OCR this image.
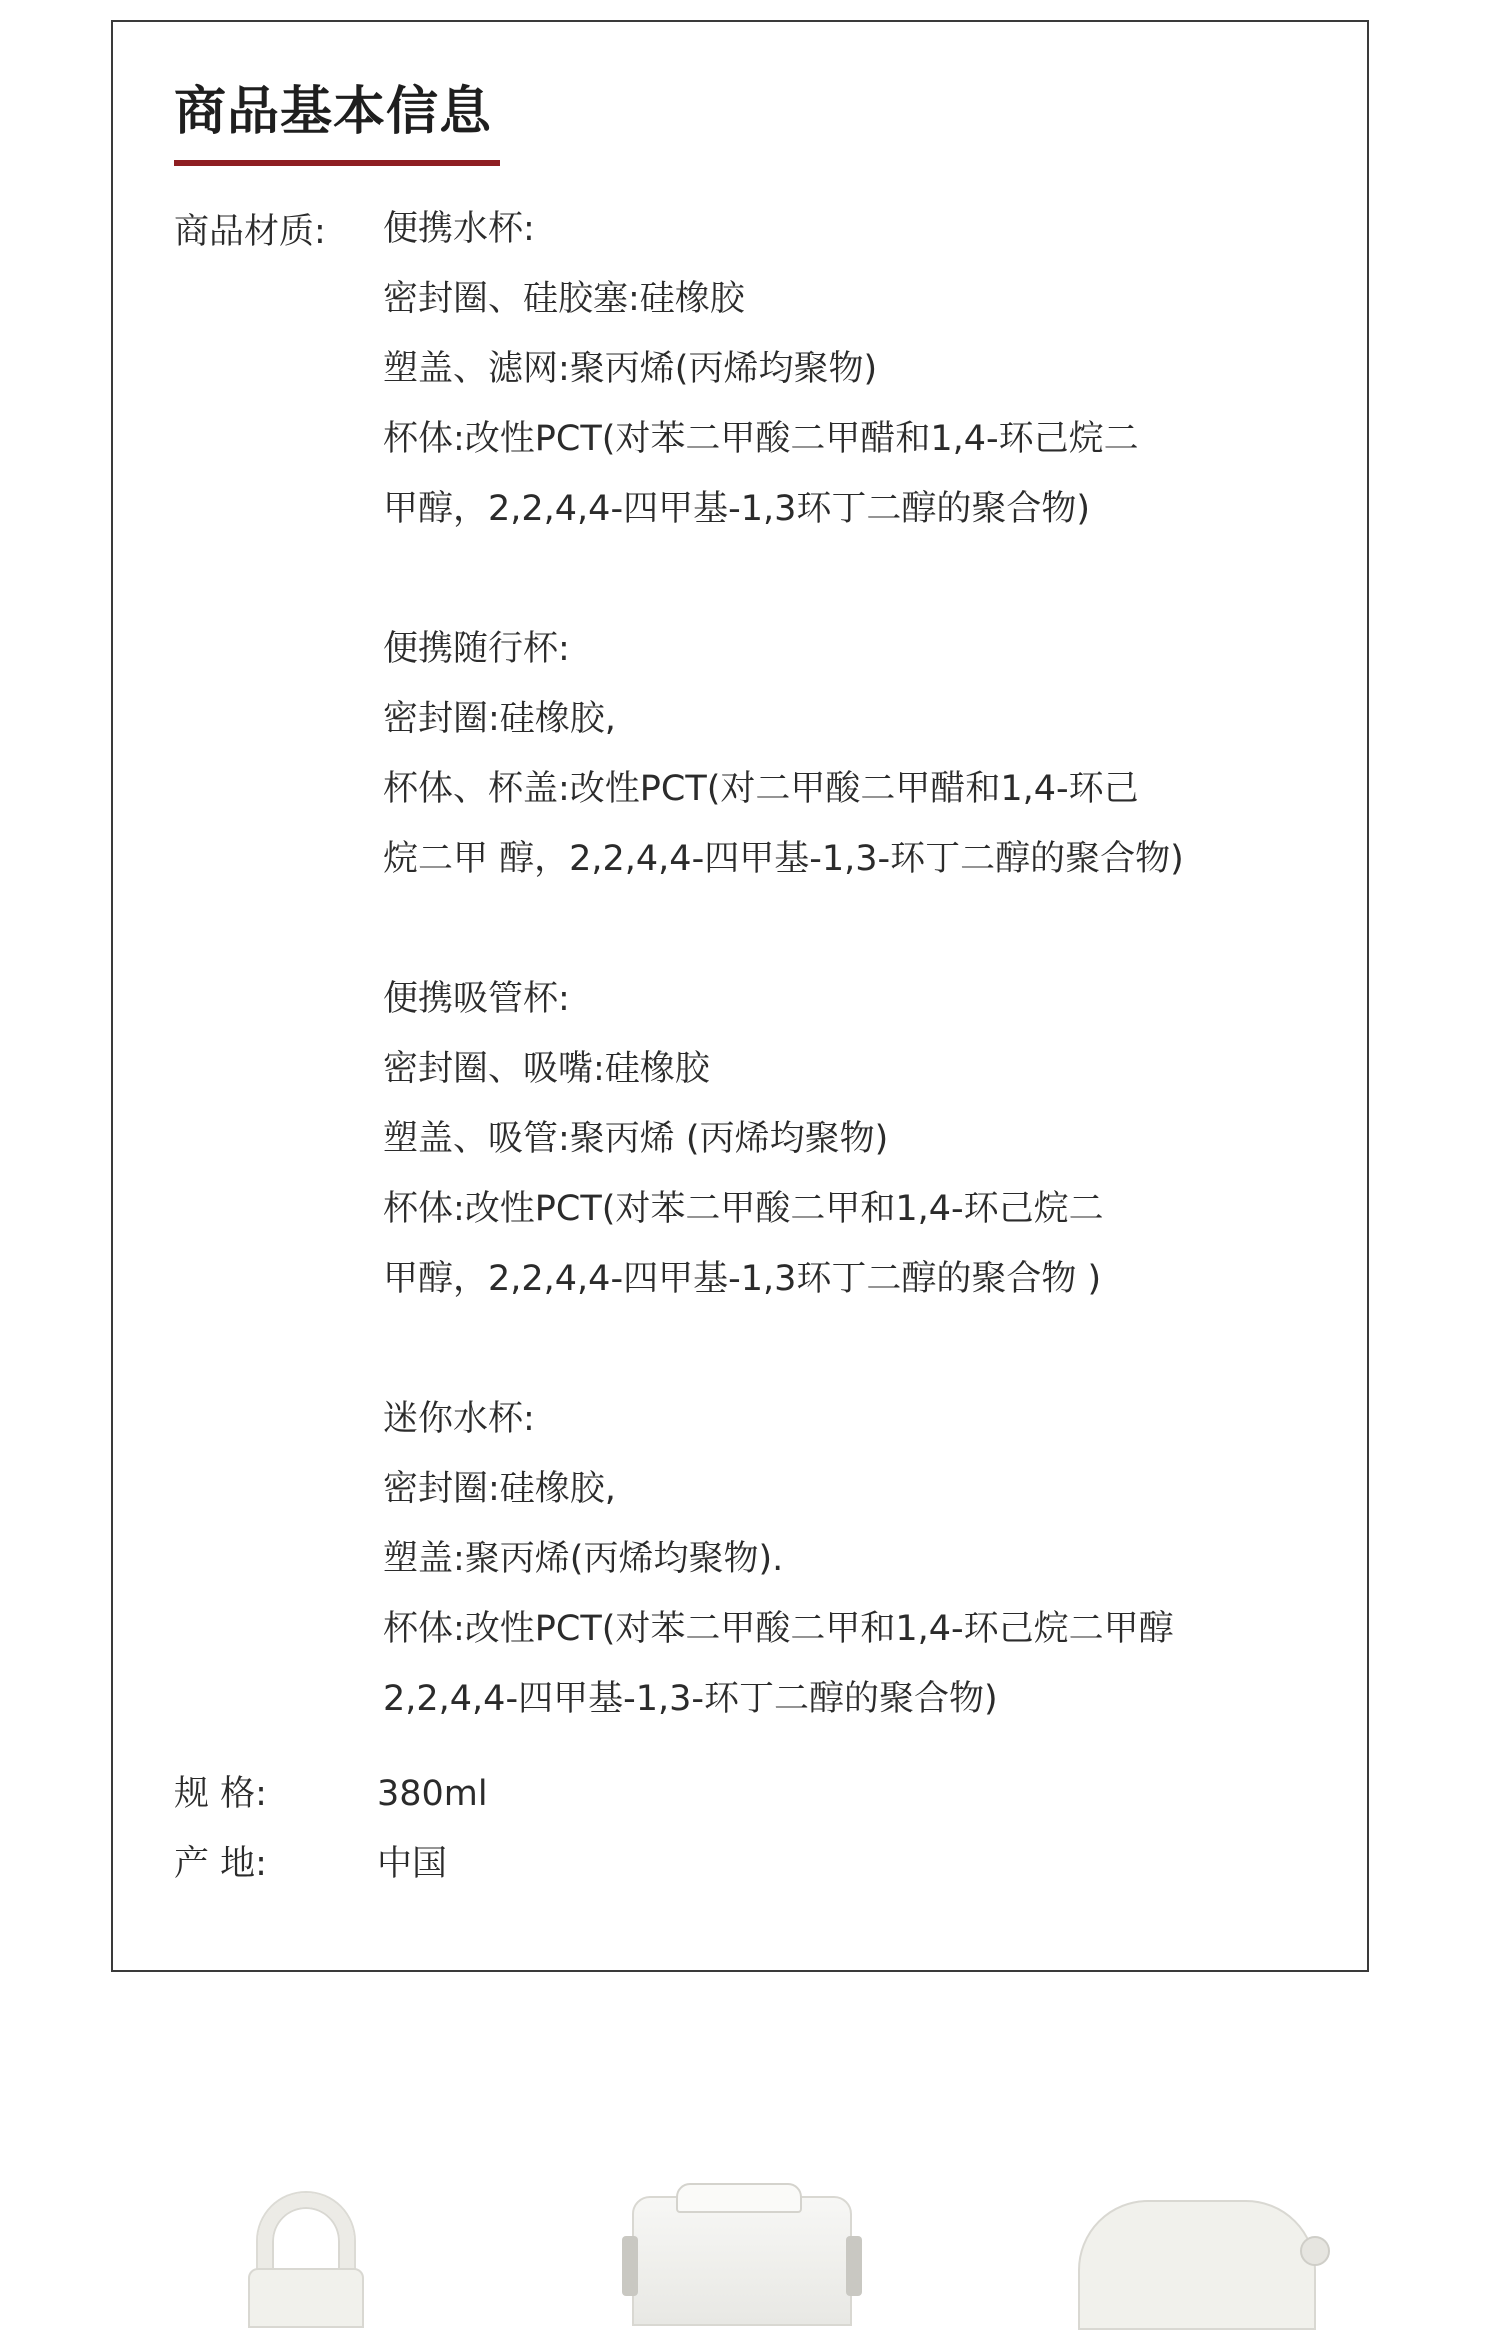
商品基本信息
商品材质: 便携水杯:
密封圈、硅胶塞:硅橡胶
塑盖、滤网:聚丙烯(丙烯均聚物)
杯体:改性PCT(对苯二甲酸二甲醋和1,4-环己烷二
甲醇，2,2,4,4-四甲基-1,3环丁二醇的聚合物)
便携随行杯:
密封圈:硅橡胶,
杯体、杯盖:改性PCT(对二甲酸二甲醋和1,4-环己
烷二甲 醇，2,2,4,4-四甲基-1,3-环丁二醇的聚合物)
便携吸管杯:
密封圈、吸嘴:硅橡胶
塑盖、吸管:聚丙烯 (丙烯均聚物)
杯体:改性PCT(对苯二甲酸二甲和1,4-环己烷二
甲醇，2,2,4,4-四甲基-1,3环丁二醇的聚合物 )
迷你水杯:
密封圈:硅橡胶,
塑盖:聚丙烯(丙烯均聚物).
杯体:改性PCT(对苯二甲酸二甲和1,4-环己烷二甲醇
2,2,4,4-四甲基-1,3-环丁二醇的聚合物)
规 格:	380ml
产 地:	中国
